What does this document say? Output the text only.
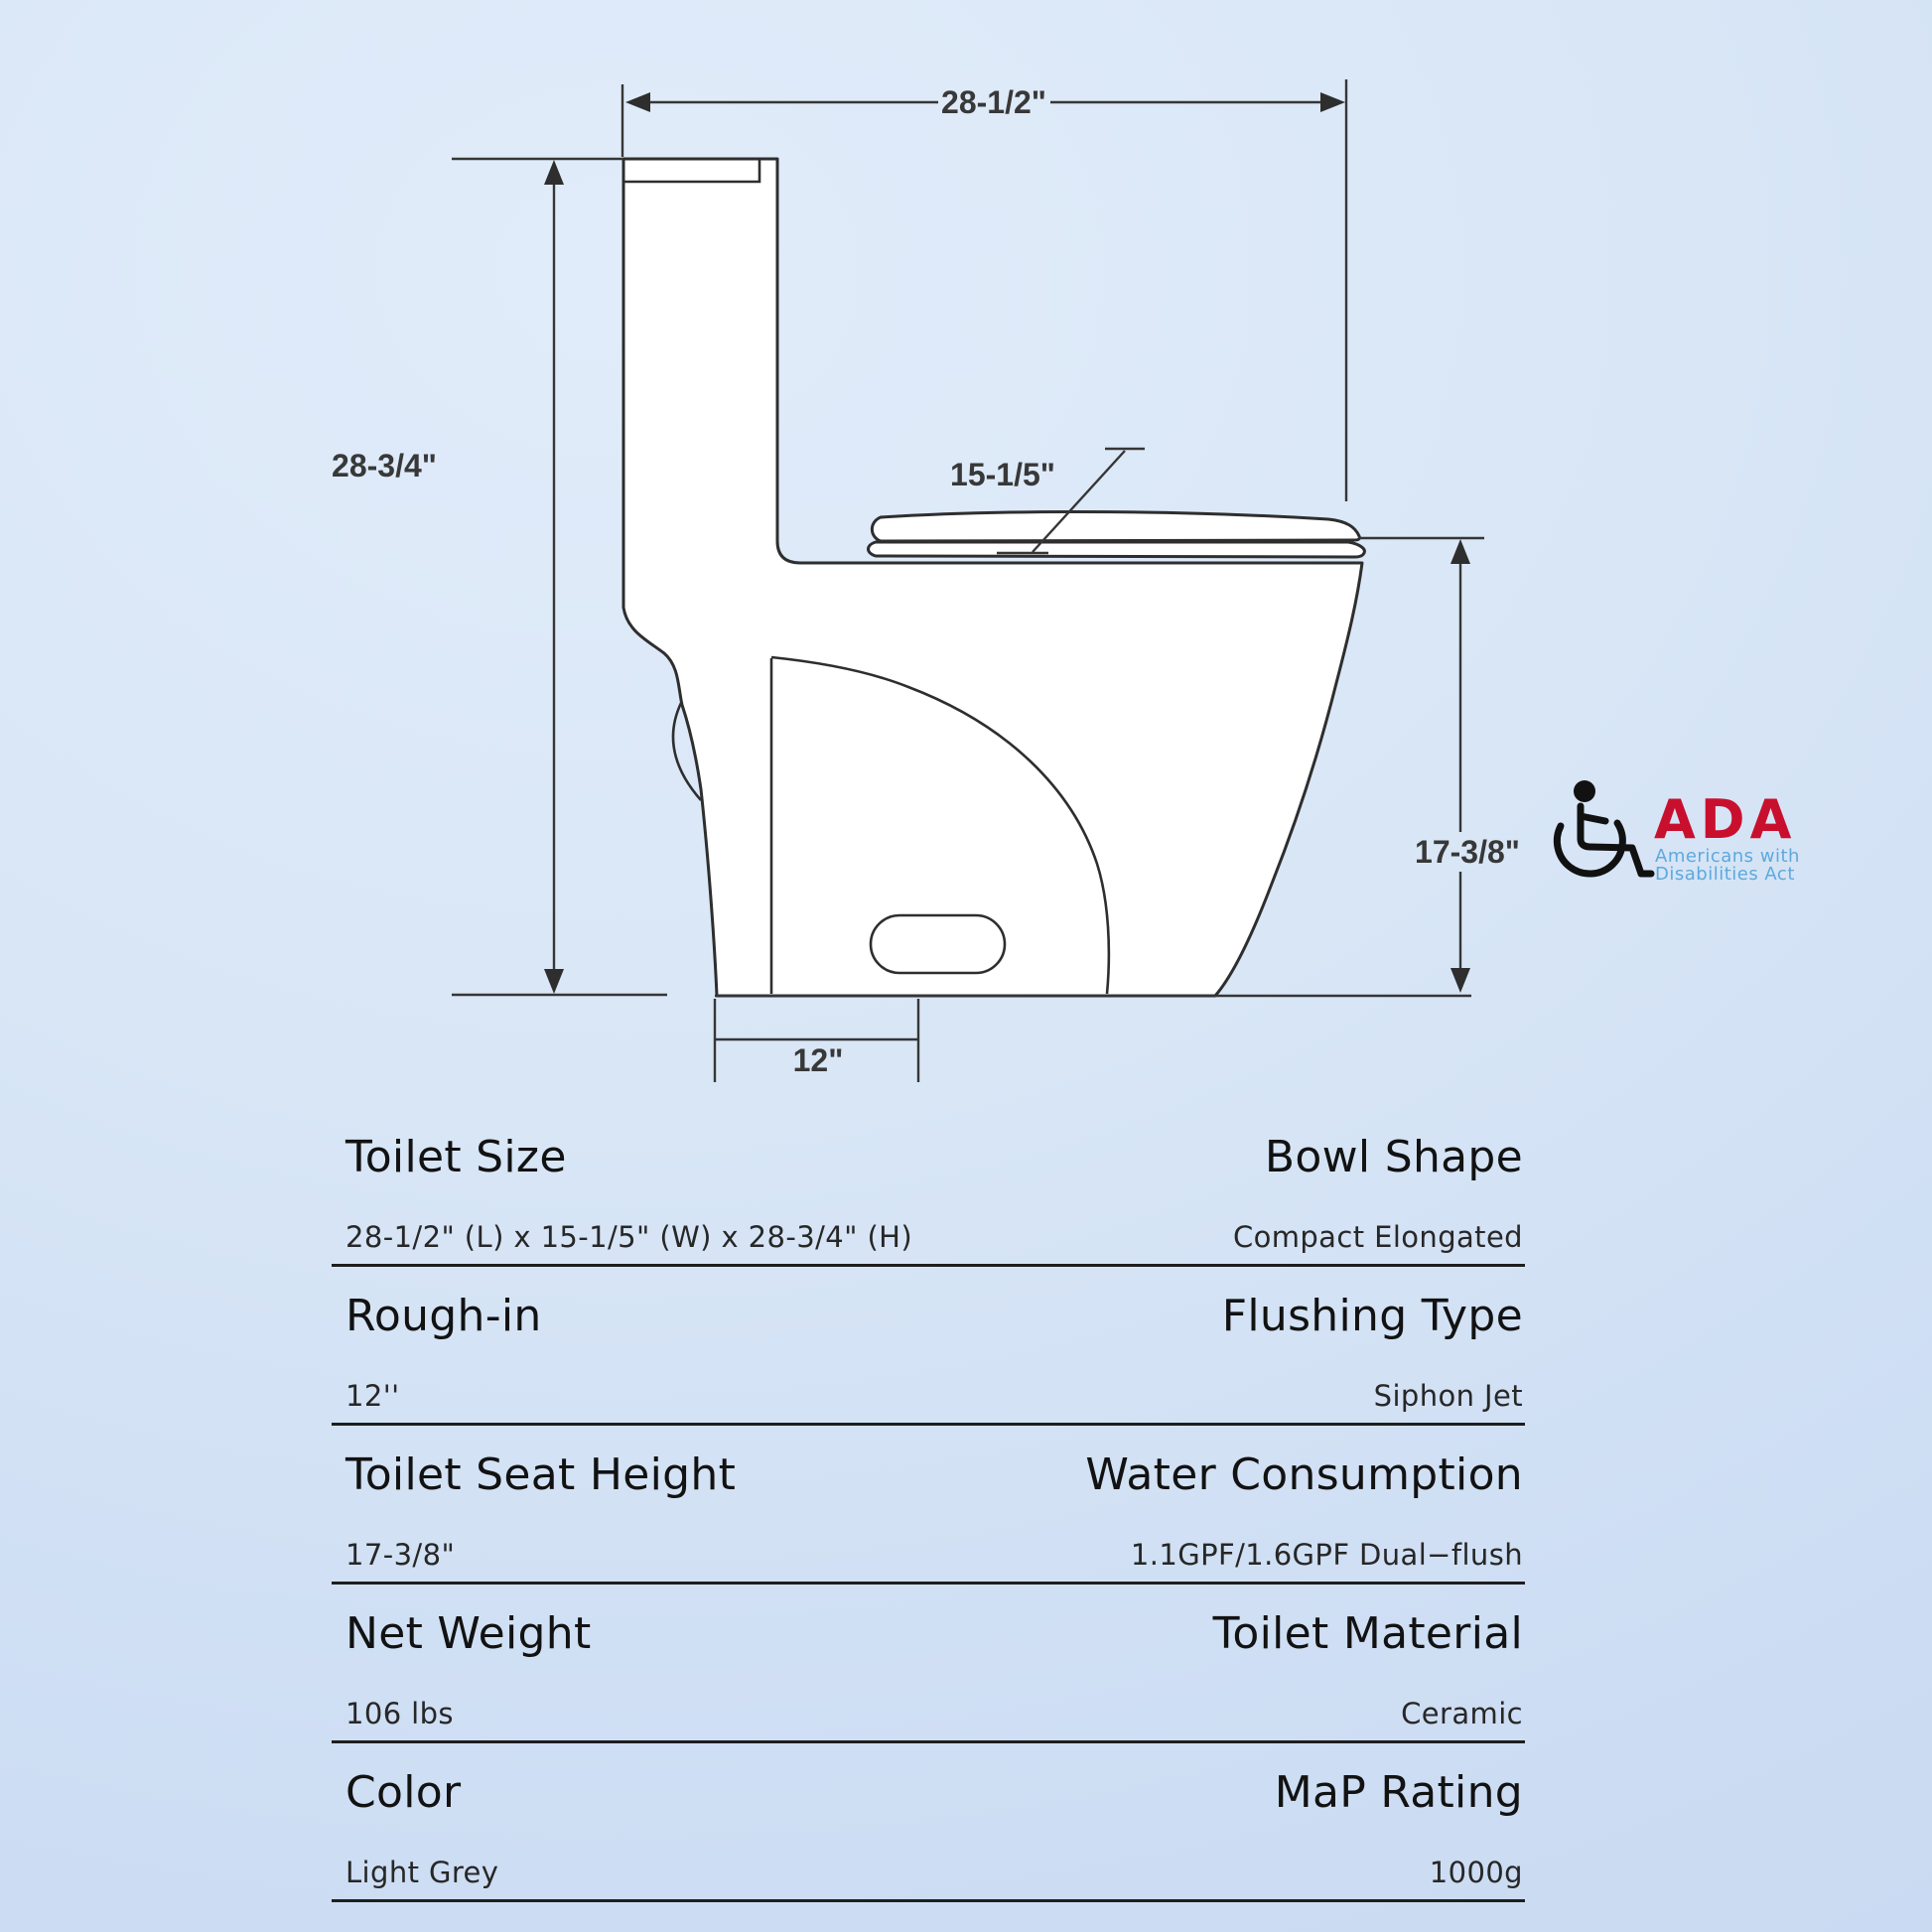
28-1/2"
28-3/4"	15-1/5"
17-3/8"
12"
ADA
Americans with
Disabilities Act
Toilet Size	Bowl Shape
28-1/2" (L) x 15-1/5" (W) x 28-3/4" (H)	Compact Elongated
Rough-in	Flushing Type
12''	Siphon Jet
Toilet Seat Height	Water Consumption
17-3/8"	1.1GPF/1.6GPF Dual−flush
Net Weight	Toilet Material
106 lbs	Ceramic
Color	MaP Rating
Light Grey	1000g
